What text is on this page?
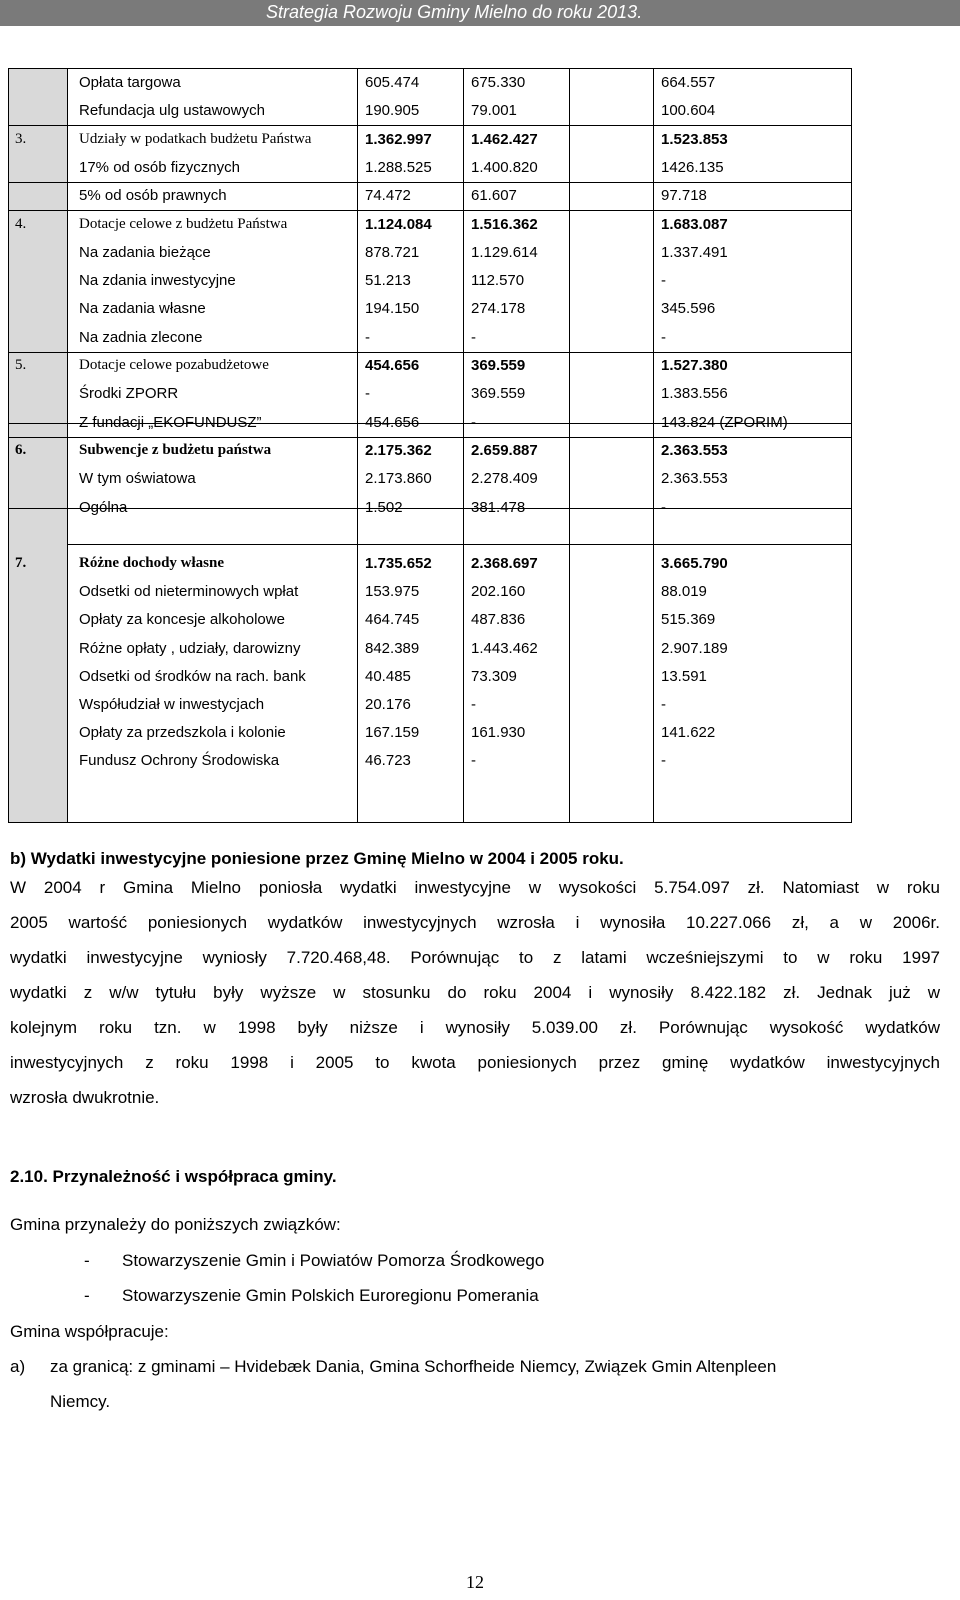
Strategia Rozwoju Gminy Mielno do roku 2013.
Opłata targowa	605.474	675.330	664.557
Refundacja ulg ustawowych	190.905	79.001	100.604
3.	Udziały w podatkach budżetu Państwa	1.362.997	1.462.427	1.523.853
17% od osób fizycznych	1.288.525	1.400.820	1426.135
5% od osób prawnych	74.472	61.607	97.718
4.	Dotacje celowe z budżetu Państwa	1.124.084	1.516.362	1.683.087
Na zadania bieżące	878.721	1.129.614	1.337.491
Na zdania inwestycyjne	51.213	112.570	-
Na zadania własne	194.150	274.178	345.596
Na zadnia zlecone	-	-	-
5.	Dotacje celowe pozabudżetowe	454.656	369.559	1.527.380
Środki ZPORR	-	369.559	1.383.556
Z fundacji „EKOFUNDUSZ”	454.656	-	143.824 (ZPORIM)
6.	Subwencje z budżetu państwa	2.175.362	2.659.887	2.363.553
W tym oświatowa	2.173.860	2.278.409	2.363.553
Ogólna	1.502	381.478	-
7.	Różne dochody własne	1.735.652	2.368.697	3.665.790
Odsetki od nieterminowych wpłat	153.975	202.160	88.019
Opłaty za koncesje alkoholowe	464.745	487.836	515.369
Różne opłaty , udziały, darowizny	842.389	1.443.462	2.907.189
Odsetki od środków na rach. bank	40.485	73.309	13.591
Współudział w inwestycjach	20.176	-	-
Opłaty za przedszkola i kolonie	167.159	161.930	141.622
Fundusz Ochrony Środowiska	46.723	-	-
b) Wydatki inwestycyjne poniesione przez Gminę Mielno w 2004 i 2005 roku.
W 2004 r Gmina Mielno poniosła wydatki inwestycyjne w wysokości 5.754.097 zł. Natomiast w roku
2005 wartość poniesionych wydatków inwestycyjnych wzrosła i wynosiła 10.227.066 zł, a w 2006r.
wydatki inwestycyjne wyniosły 7.720.468,48. Porównując to z latami wcześniejszymi to w roku 1997
wydatki z w/w tytułu były wyższe w stosunku do roku 2004 i wynosiły 8.422.182 zł. Jednak już w
kolejnym roku tzn. w 1998 były niższe i wynosiły 5.039.00 zł. Porównując wysokość wydatków
inwestycyjnych z roku 1998 i 2005 to kwota poniesionych przez gminę wydatków inwestycyjnych
wzrosła dwukrotnie.
2.10. Przynależność i współpraca gminy.
Gmina przynależy do poniższych związków:
- Stowarzyszenie Gmin i Powiatów Pomorza Środkowego
- Stowarzyszenie Gmin Polskich Euroregionu Pomerania
Gmina współpracuje:
a) za granicą: z gminami – Hvidebæk Dania, Gmina Schorfheide Niemcy, Związek Gmin Altenpleen
Niemcy.
12
